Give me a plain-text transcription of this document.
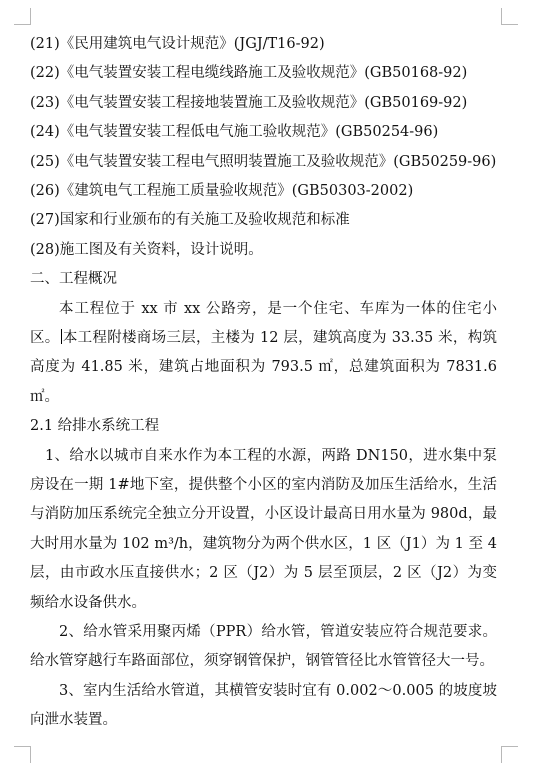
(21)《民用建筑电气设计规范》(JGJ/T16-92)
(22)《电气装置安装工程电缆线路施工及验收规范》(GB50168-92)
(23)《电气装置安装工程接地装置施工及验收规范》(GB50169-92)
(24)《电气装置安装工程低电气施工验收规范》(GB50254-96)
(25)《电气装置安装工程电气照明装置施工及验收规范》(GB50259-96)
(26)《建筑电气工程施工质量验收规范》(GB50303-2002)
(27)国家和行业颁布的有关施工及验收规范和标准
(28)施工图及有关资料，设计说明。
二、工程概况
本工程位于 xx 市 xx 公路旁，是一个住宅、车库为一体的住宅小区。 本工程附楼商场三层，主楼为 12 层，建筑高度为 33.35 米，构筑高度为 41.85 米，建筑占地面积为 793.5 ㎡，总建筑面积为 7831.6 ㎡。
2.1 给排水系统工程
1、给水以城市自来水作为本工程的水源，两路 DN150，进水集中泵房设在一期 1#地下室，提供整个小区的室内消防及加压生活给水，生活与消防加压系统完全独立分开设置，小区设计最高日用水量为 980d，最大时用水量为 102 m³/h，建筑物分为两个供水区，1 区（J1）为 1 至 4 层，由市政水压直接供水；2 区（J2）为 5 层至顶层，2 区（J2）为变频给水设备供水。
2、给水管采用聚丙烯（PPR）给水管，管道安装应符合规范要求。给水管穿越行车路面部位，须穿钢管保护，钢管管径比水管管径大一号。
3、室内生活给水管道，其横管安装时宜有 0.002～0.005 的坡度坡向泄水装置。
